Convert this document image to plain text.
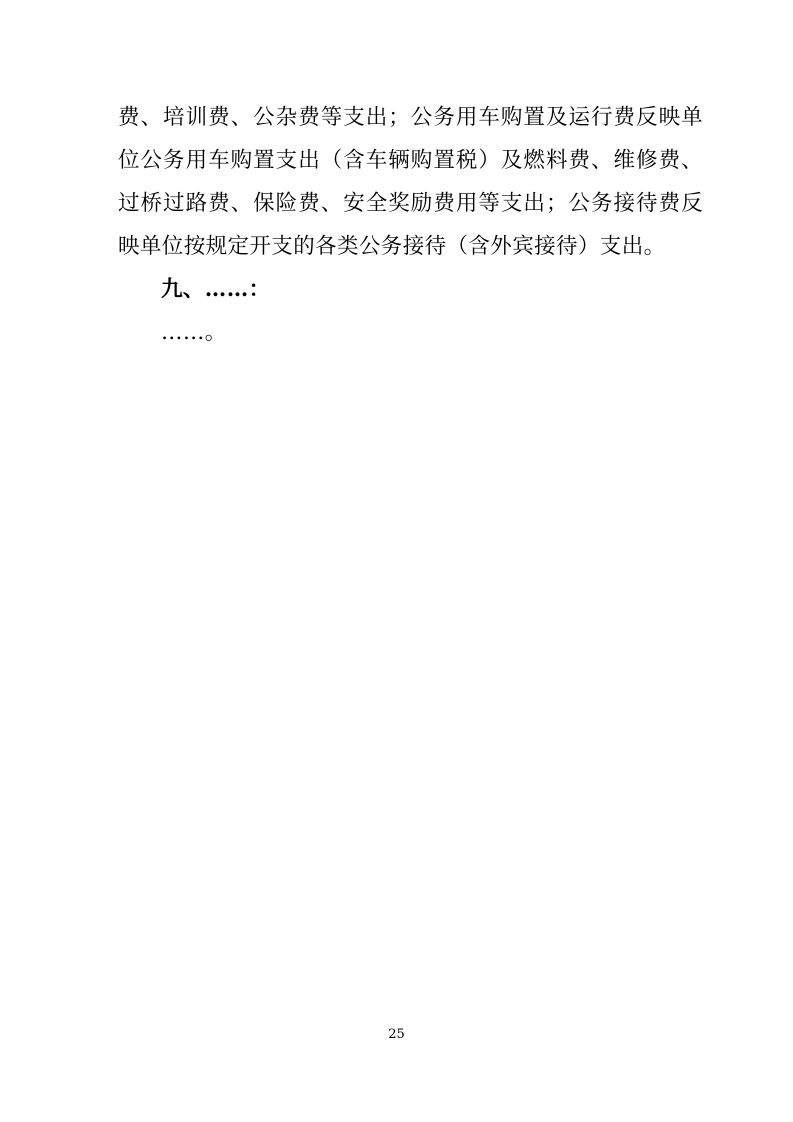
费、培训费、公杂费等支出；公务用车购置及运行费反映单位公务用车购置支出（含车辆购置税）及燃料费、维修费、过桥过路费、保险费、安全奖励费用等支出；公务接待费反映单位按规定开支的各类公务接待（含外宾接待）支出。

九、……：

……。

25
